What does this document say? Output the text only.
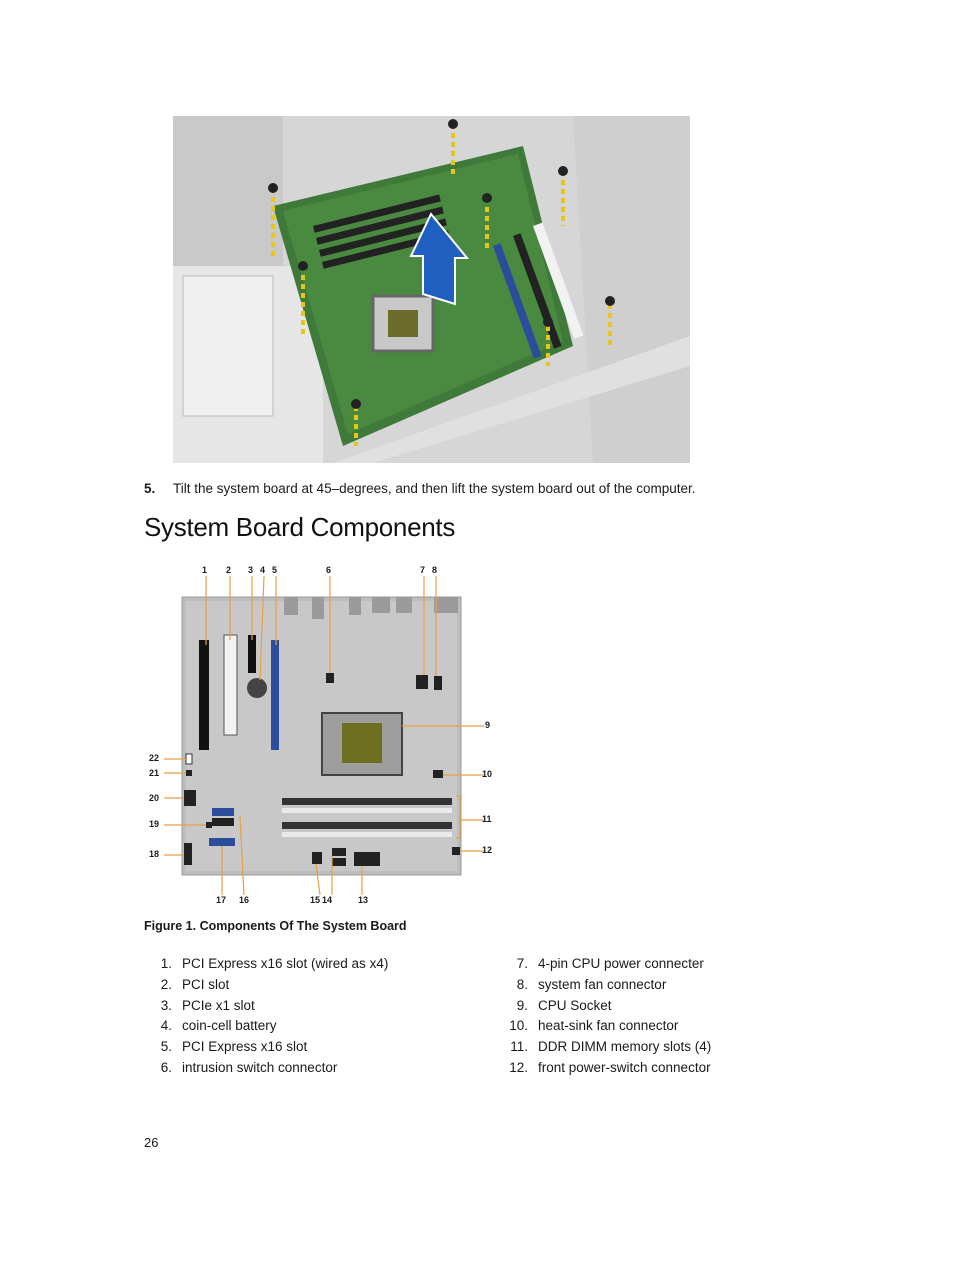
5. Tilt the system board at 45–degrees, and then lift the system board out of the computer.
System Board Components
1 2 3 4 5	6	7 8
9
10
11
12
13
14
15
16
17
18
19
20
21
22
Figure 1. Components Of The System Board
1. PCI Express x16 slot (wired as x4)
2. PCI slot
3. PCIe x1 slot
4. coin-cell battery
5. PCI Express x16 slot
6. intrusion switch connector
7. 4-pin CPU power connecter
8. system fan connector
9. CPU Socket
10. heat-sink fan connector
11. DDR DIMM memory slots (4)
12. front power-switch connector
26
